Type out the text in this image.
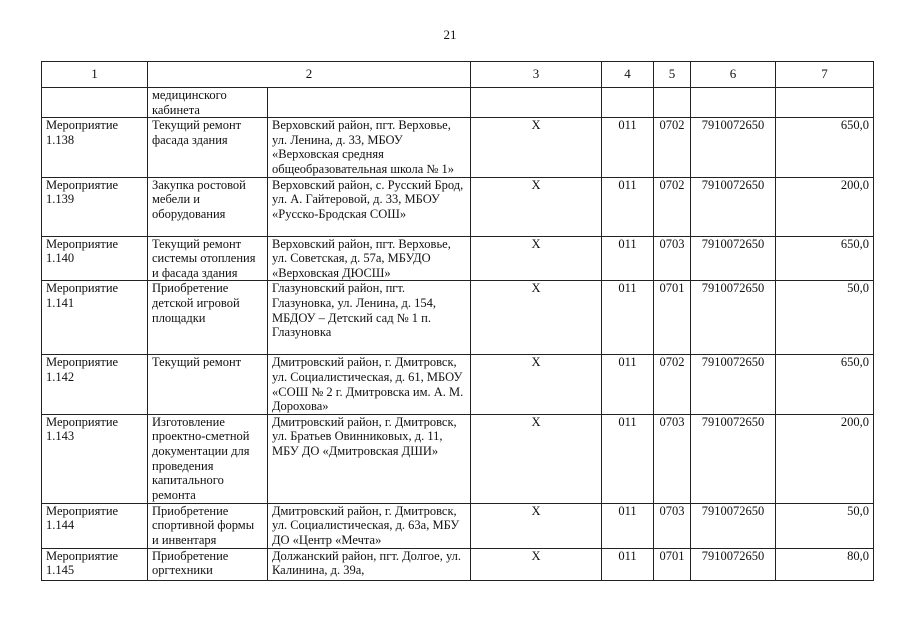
21
1	2		3	4	5	6	7
	медицинского кабинета						
Мероприятие 1.138	Текущий ремонт фасада здания	Верховский район, пгт. Верховье, ул. Ленина, д. 33, МБОУ «Верховская средняя общеобразовательная школа № 1»	Х	011	0702	7910072650	650,0
Мероприятие 1.139	Закупка ростовой мебели и оборудования	Верховский район, с. Русский Брод, ул. А. Гайтеровой, д. 33, МБОУ «Русско-Бродская СОШ»	Х	011	0702	7910072650	200,0
Мероприятие 1.140	Текущий ремонт системы отопления и фасада здания	Верховский район, пгт. Верховье, ул. Советская, д. 57а, МБУДО «Верховская ДЮСШ»	Х	011	0703	7910072650	650,0
Мероприятие 1.141	Приобретение детской игровой площадки	Глазуновский район, пгт. Глазуновка, ул. Ленина, д. 154, МБДОУ – Детский сад № 1 п. Глазуновка	Х	011	0701	7910072650	50,0
Мероприятие 1.142	Текущий ремонт	Дмитровский район, г. Дмитровск, ул. Социалистическая, д. 61, МБОУ «СОШ № 2 г. Дмитровска им. А. М. Дорохова»	Х	011	0702	7910072650	650,0
Мероприятие 1.143	Изготовление проектно-сметной документации для проведения капитального ремонта	Дмитровский район, г. Дмитровск, ул. Братьев Овинниковых, д. 11, МБУ ДО «Дмитровская ДШИ»	Х	011	0703	7910072650	200,0
Мероприятие 1.144	Приобретение спортивной формы и инвентаря	Дмитровский район, г. Дмитровск, ул. Социалистическая, д. 63а, МБУ ДО «Центр «Мечта»	Х	011	0703	7910072650	50,0
Мероприятие 1.145	Приобретение оргтехники	Должанский район, пгт. Долгое, ул. Калинина, д. 39а,	Х	011	0701	7910072650	80,0
